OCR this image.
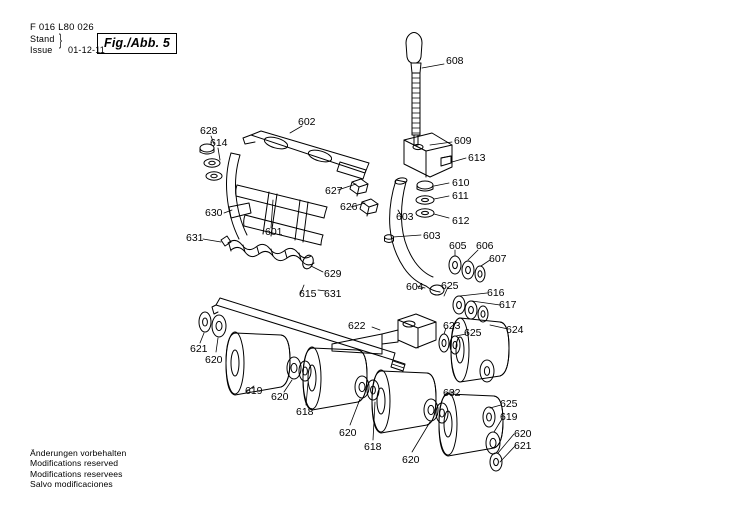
F 016 L80 026
Stand
Issue
}
01-12-11 Fig./Abb. 5
608
609
613
610
611
612
603
603
605 606
607
604 625
616
617
623
625 624
622
632
625
619
620
621
628
614
602
627
626
630
601
631
629
615 631
621
620
619 620
618
620
618
620
Änderungen vorbehalten
Modifications reserved
Modifications reservees
Salvo modificaciones
